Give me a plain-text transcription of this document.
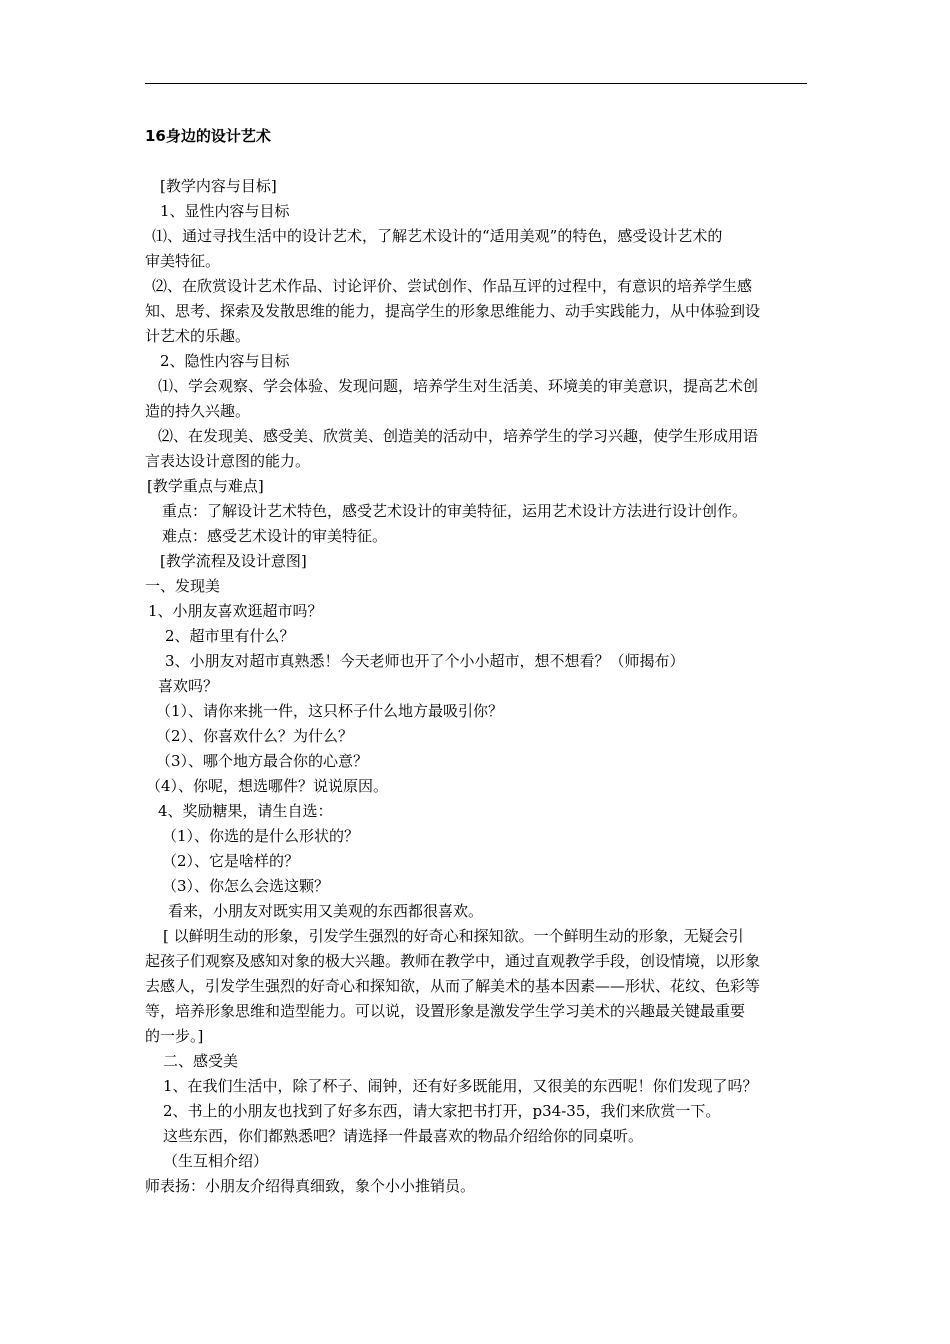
16身边的设计艺术
[教学内容与目标]
1、显性内容与目标
⑴、通过寻找生活中的设计艺术，了解艺术设计的“适用美观”的特色，感受设计艺术的
审美特征。
⑵、在欣赏设计艺术作品、讨论评价、尝试创作、作品互评的过程中，有意识的培养学生感
知、思考、探索及发散思维的能力，提高学生的形象思维能力、动手实践能力，从中体验到设
计艺术的乐趣。
2、隐性内容与目标
⑴、学会观察、学会体验、发现问题，培养学生对生活美、环境美的审美意识，提高艺术创
造的持久兴趣。
⑵、在发现美、感受美、欣赏美、创造美的活动中，培养学生的学习兴趣，使学生形成用语
言表达设计意图的能力。
[教学重点与难点]
重点：了解设计艺术特色，感受艺术设计的审美特征，运用艺术设计方法进行设计创作。
难点：感受艺术设计的审美特征。
[教学流程及设计意图]
一、发现美
1、小朋友喜欢逛超市吗？
2、超市里有什么？
3、小朋友对超市真熟悉！今天老师也开了个小小超市，想不想看？（师揭布）
喜欢吗？
（1）、请你来挑一件，这只杯子什么地方最吸引你？
（2）、你喜欢什么？为什么？
（3）、哪个地方最合你的心意？
（4）、你呢，想选哪件？说说原因。
4、奖励糖果，请生自选：
（1）、你选的是什么形状的？
（2）、它是啥样的？
（3）、你怎么会选这颗？
看来，小朋友对既实用又美观的东西都很喜欢。
[ 以鲜明生动的形象，引发学生强烈的好奇心和探知欲。一个鲜明生动的形象，无疑会引
起孩子们观察及感知对象的极大兴趣。教师在教学中，通过直观教学手段，创设情境，以形象
去感人，引发学生强烈的好奇心和探知欲，从而了解美术的基本因素——形状、花纹、色彩等
等，培养形象思维和造型能力。可以说，设置形象是激发学生学习美术的兴趣最关键最重要
的一步。]
二、感受美
1、在我们生活中，除了杯子、闹钟，还有好多既能用，又很美的东西呢！你们发现了吗？
2、书上的小朋友也找到了好多东西，请大家把书打开，p34-35，我们来欣赏一下。
这些东西，你们都熟悉吧？请选择一件最喜欢的物品介绍给你的同桌听。
（生互相介绍）
师表扬：小朋友介绍得真细致，象个小小推销员。
